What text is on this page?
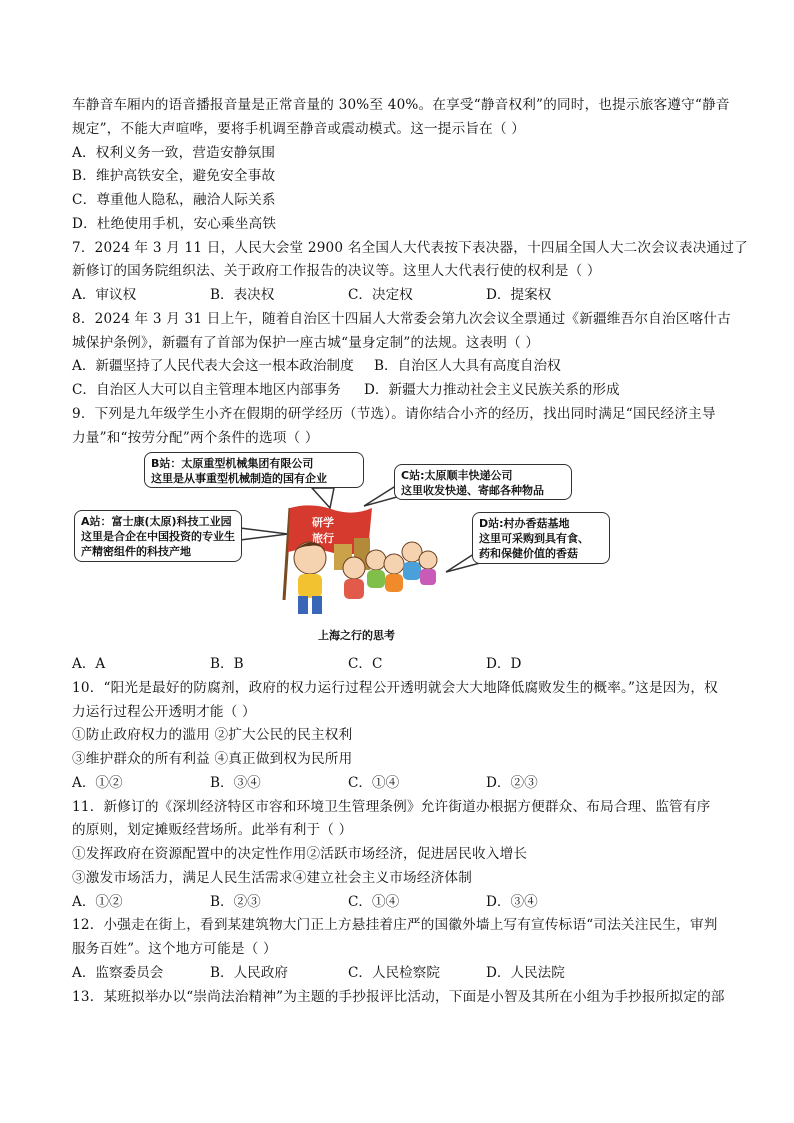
车静音车厢内的语音播报音量是正常音量的 30%至 40%。在享受“静音权利”的同时，也提示旅客遵守“静音
规定”，不能大声喧哗，要将手机调至静音或震动模式。这一提示旨在（ ）
A．权利义务一致，营造安静氛围
B．维护高铁安全，避免安全事故
C．尊重他人隐私，融洽人际关系
D．杜绝使用手机，安心乘坐高铁
7．2024 年 3 月 11 日，人民大会堂 2900 名全国人大代表按下表决器，十四届全国人大二次会议表决通过了
新修订的国务院组织法、关于政府工作报告的决议等。这里人大代表行使的权利是（ ）
A．审议权	B．表决权	C．决定权	D．提案权
8．2024 年 3 月 31 日上午，随着自治区十四届人大常委会第九次会议全票通过《新疆维吾尔自治区喀什古
城保护条例》，新疆有了首部为保护一座古城“量身定制”的法规。这表明（ ）
A．新疆坚持了人民代表大会这一根本政治制度 B．自治区人大具有高度自治权
C．自治区人大可以自主管理本地区内部事务 D．新疆大力推动社会主义民族关系的形成
9．下列是九年级学生小齐在假期的研学经历（节选）。请你结合小齐的经历，找出同时满足“国民经济主导
力量”和“按劳分配”两个条件的选项（ ）
研学
旅行
B站：太原重型机械集团有限公司
这里是从事重型机械制造的国有企业	C站:太原顺丰快递公司
这里收发快递、寄邮各种物品
A站：富士康(太原)科技工业园
这里是合企在中国投资的专业生
产精密组件的科技产地
D站:村办香菇基地
这里可采购到具有食、
药和保健价值的香菇
上海之行的思考
A．A	B．B	C．C	D．D
10．“阳光是最好的防腐剂，政府的权力运行过程公开透明就会大大地降低腐败发生的概率。”这是因为，权
力运行过程公开透明才能（ ）
①防止政府权力的滥用 ②扩大公民的民主权利
③维护群众的所有利益 ④真正做到权为民所用
A．①②	B．③④	C．①④	D．②③
11．新修订的《深圳经济特区市容和环境卫生管理条例》允许街道办根据方便群众、布局合理、监管有序
的原则，划定摊贩经营场所。此举有利于（ ）
①发挥政府在资源配置中的决定性作用②活跃市场经济，促进居民收入增长
③激发市场活力，满足人民生活需求④建立社会主义市场经济体制
A．①②	B．②③	C．①④	D．③④
12．小强走在街上，看到某建筑物大门正上方悬挂着庄严的国徽外墙上写有宣传标语“司法关注民生，审判
服务百姓”。这个地方可能是（ ）
A．监察委员会	B．人民政府	C．人民检察院	D．人民法院
13．某班拟举办以“崇尚法治精神”为主题的手抄报评比活动，下面是小智及其所在小组为手抄报所拟定的部
